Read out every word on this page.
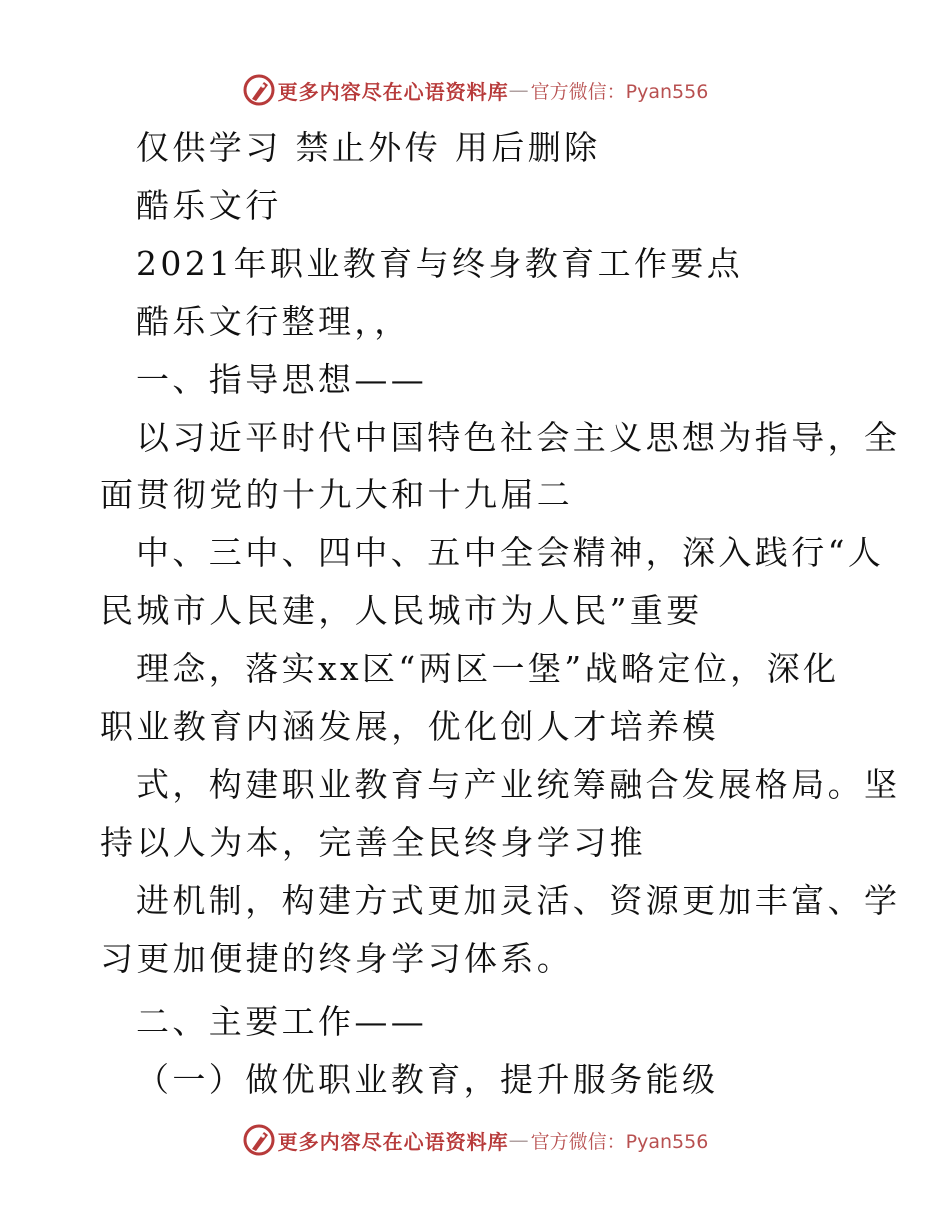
更多内容尽在心语资料库 — 官方微信：Pyan556
仅供学习 禁止外传 用后删除
酷乐文行
2021年职业教育与终身教育工作要点
酷乐文行整理，，
一、指导思想——
以习近平时代中国特色社会主义思想为指导，全
面贯彻党的十九大和十九届二
中、三中、四中、五中全会精神，深入践行“人
民城市人民建，人民城市为人民”重要
理念，落实xx区“两区一堡”战略定位，深化
职业教育内涵发展，优化创人才培养模
式，构建职业教育与产业统筹融合发展格局。坚
持以人为本，完善全民终身学习推
进机制，构建方式更加灵活、资源更加丰富、学
习更加便捷的终身学习体系。
二、主要工作——
（一）做优职业教育，提升服务能级
更多内容尽在心语资料库 — 官方微信：Pyan556
